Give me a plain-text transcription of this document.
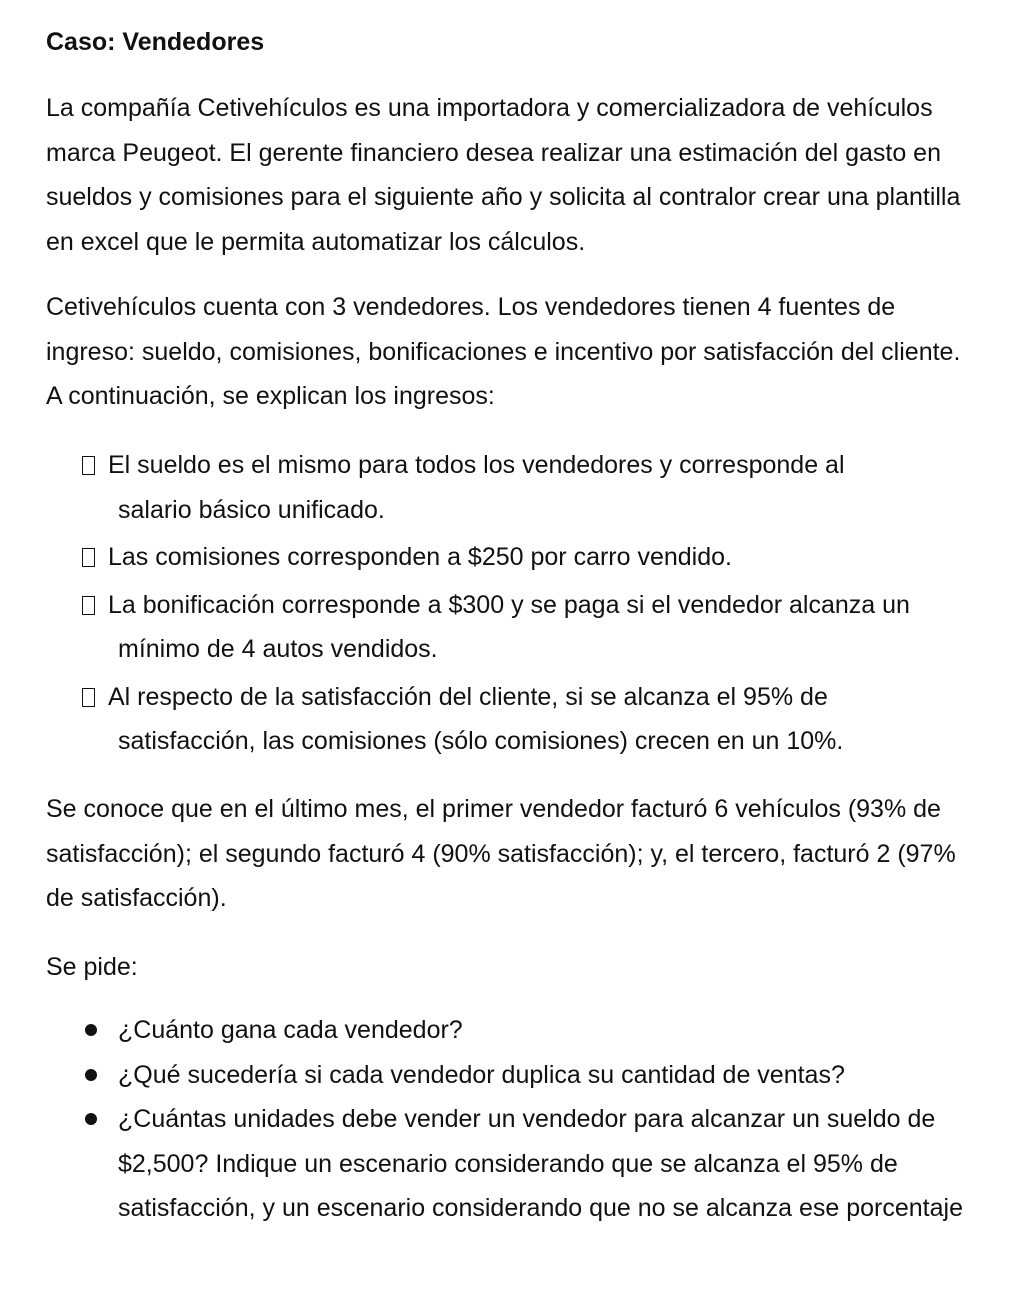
Caso: Vendedores

La compañía Cetivehículos es una importadora y comercializadora de vehículos marca Peugeot. El gerente financiero desea realizar una estimación del gasto en sueldos y comisiones para el siguiente año y solicita al contralor crear una plantilla en excel que le permita automatizar los cálculos.

Cetivehículos cuenta con 3 vendedores. Los vendedores tienen 4 fuentes de ingreso: sueldo, comisiones, bonificaciones e incentivo por satisfacción del cliente. A continuación, se explican los ingresos:

El sueldo es el mismo para todos los vendedores y corresponde al
salario básico unificado.
Las comisiones corresponden a $250 por carro vendido.
La bonificación corresponde a $300 y se paga si el vendedor alcanza un
mínimo de 4 autos vendidos.
Al respecto de la satisfacción del cliente, si se alcanza el 95% de
satisfacción, las comisiones (sólo comisiones) crecen en un 10%.

Se conoce que en el último mes, el primer vendedor facturó 6 vehículos (93% de satisfacción); el segundo facturó 4 (90% satisfacción); y, el tercero, facturó 2 (97% de satisfacción).

Se pide:

¿Cuánto gana cada vendedor?
¿Qué sucedería si cada vendedor duplica su cantidad de ventas?
¿Cuántas unidades debe vender un vendedor para alcanzar un sueldo de $2,500? Indique un escenario considerando que se alcanza el 95% de satisfacción, y un escenario considerando que no se alcanza ese porcentaje
